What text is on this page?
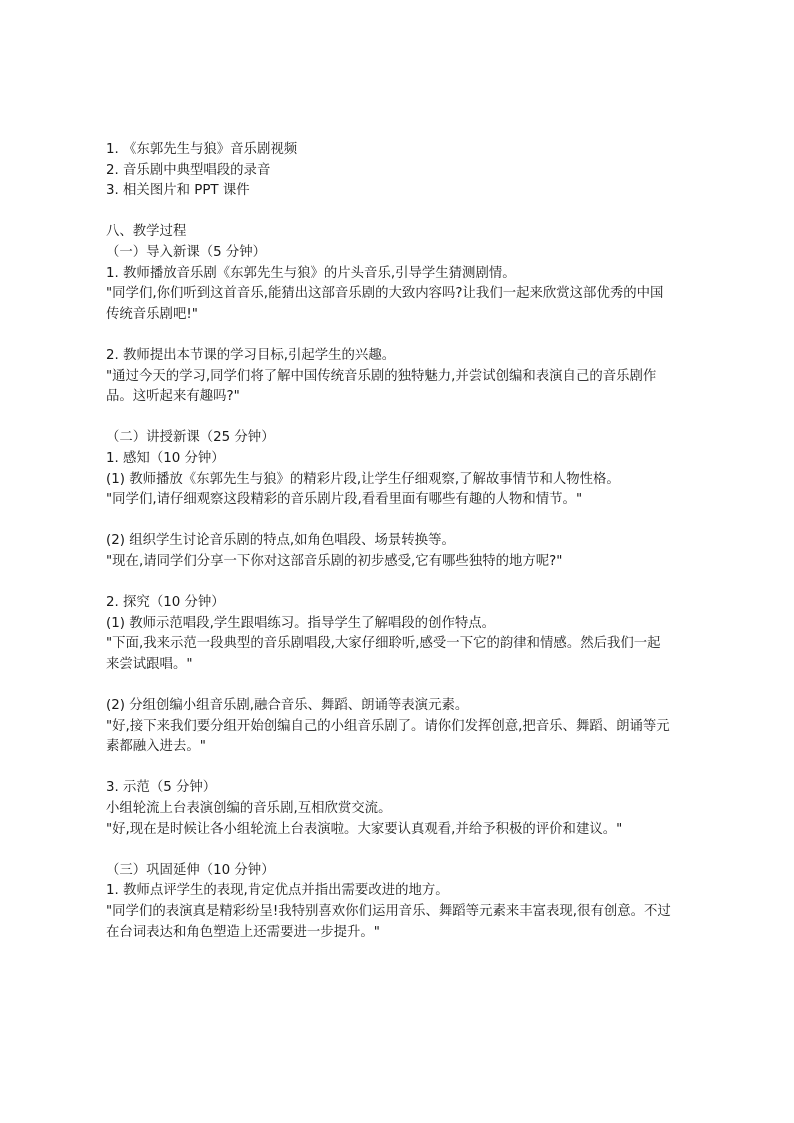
1. 《东郭先生与狼》音乐剧视频
2. 音乐剧中典型唱段的录音
3. 相关图片和 PPT 课件
八、教学过程
（一）导入新课（5 分钟）
1. 教师播放音乐剧《东郭先生与狼》的片头音乐,引导学生猜测剧情。
"同学们,你们听到这首音乐,能猜出这部音乐剧的大致内容吗?让我们一起来欣赏这部优秀的中国
传统音乐剧吧!"
2. 教师提出本节课的学习目标,引起学生的兴趣。
"通过今天的学习,同学们将了解中国传统音乐剧的独特魅力,并尝试创编和表演自己的音乐剧作
品。这听起来有趣吗?"
（二）讲授新课（25 分钟）
1. 感知（10 分钟）
(1) 教师播放《东郭先生与狼》的精彩片段,让学生仔细观察,了解故事情节和人物性格。
"同学们,请仔细观察这段精彩的音乐剧片段,看看里面有哪些有趣的人物和情节。"
(2) 组织学生讨论音乐剧的特点,如角色唱段、场景转换等。
"现在,请同学们分享一下你对这部音乐剧的初步感受,它有哪些独特的地方呢?"
2. 探究（10 分钟）
(1) 教师示范唱段,学生跟唱练习。指导学生了解唱段的创作特点。
"下面,我来示范一段典型的音乐剧唱段,大家仔细聆听,感受一下它的韵律和情感。然后我们一起
来尝试跟唱。"
(2) 分组创编小组音乐剧,融合音乐、舞蹈、朗诵等表演元素。
"好,接下来我们要分组开始创编自己的小组音乐剧了。请你们发挥创意,把音乐、舞蹈、朗诵等元
素都融入进去。"
3. 示范（5 分钟）
小组轮流上台表演创编的音乐剧,互相欣赏交流。
"好,现在是时候让各小组轮流上台表演啦。大家要认真观看,并给予积极的评价和建议。"
（三）巩固延伸（10 分钟）
1. 教师点评学生的表现,肯定优点并指出需要改进的地方。
"同学们的表演真是精彩纷呈!我特别喜欢你们运用音乐、舞蹈等元素来丰富表现,很有创意。不过
在台词表达和角色塑造上还需要进一步提升。"
